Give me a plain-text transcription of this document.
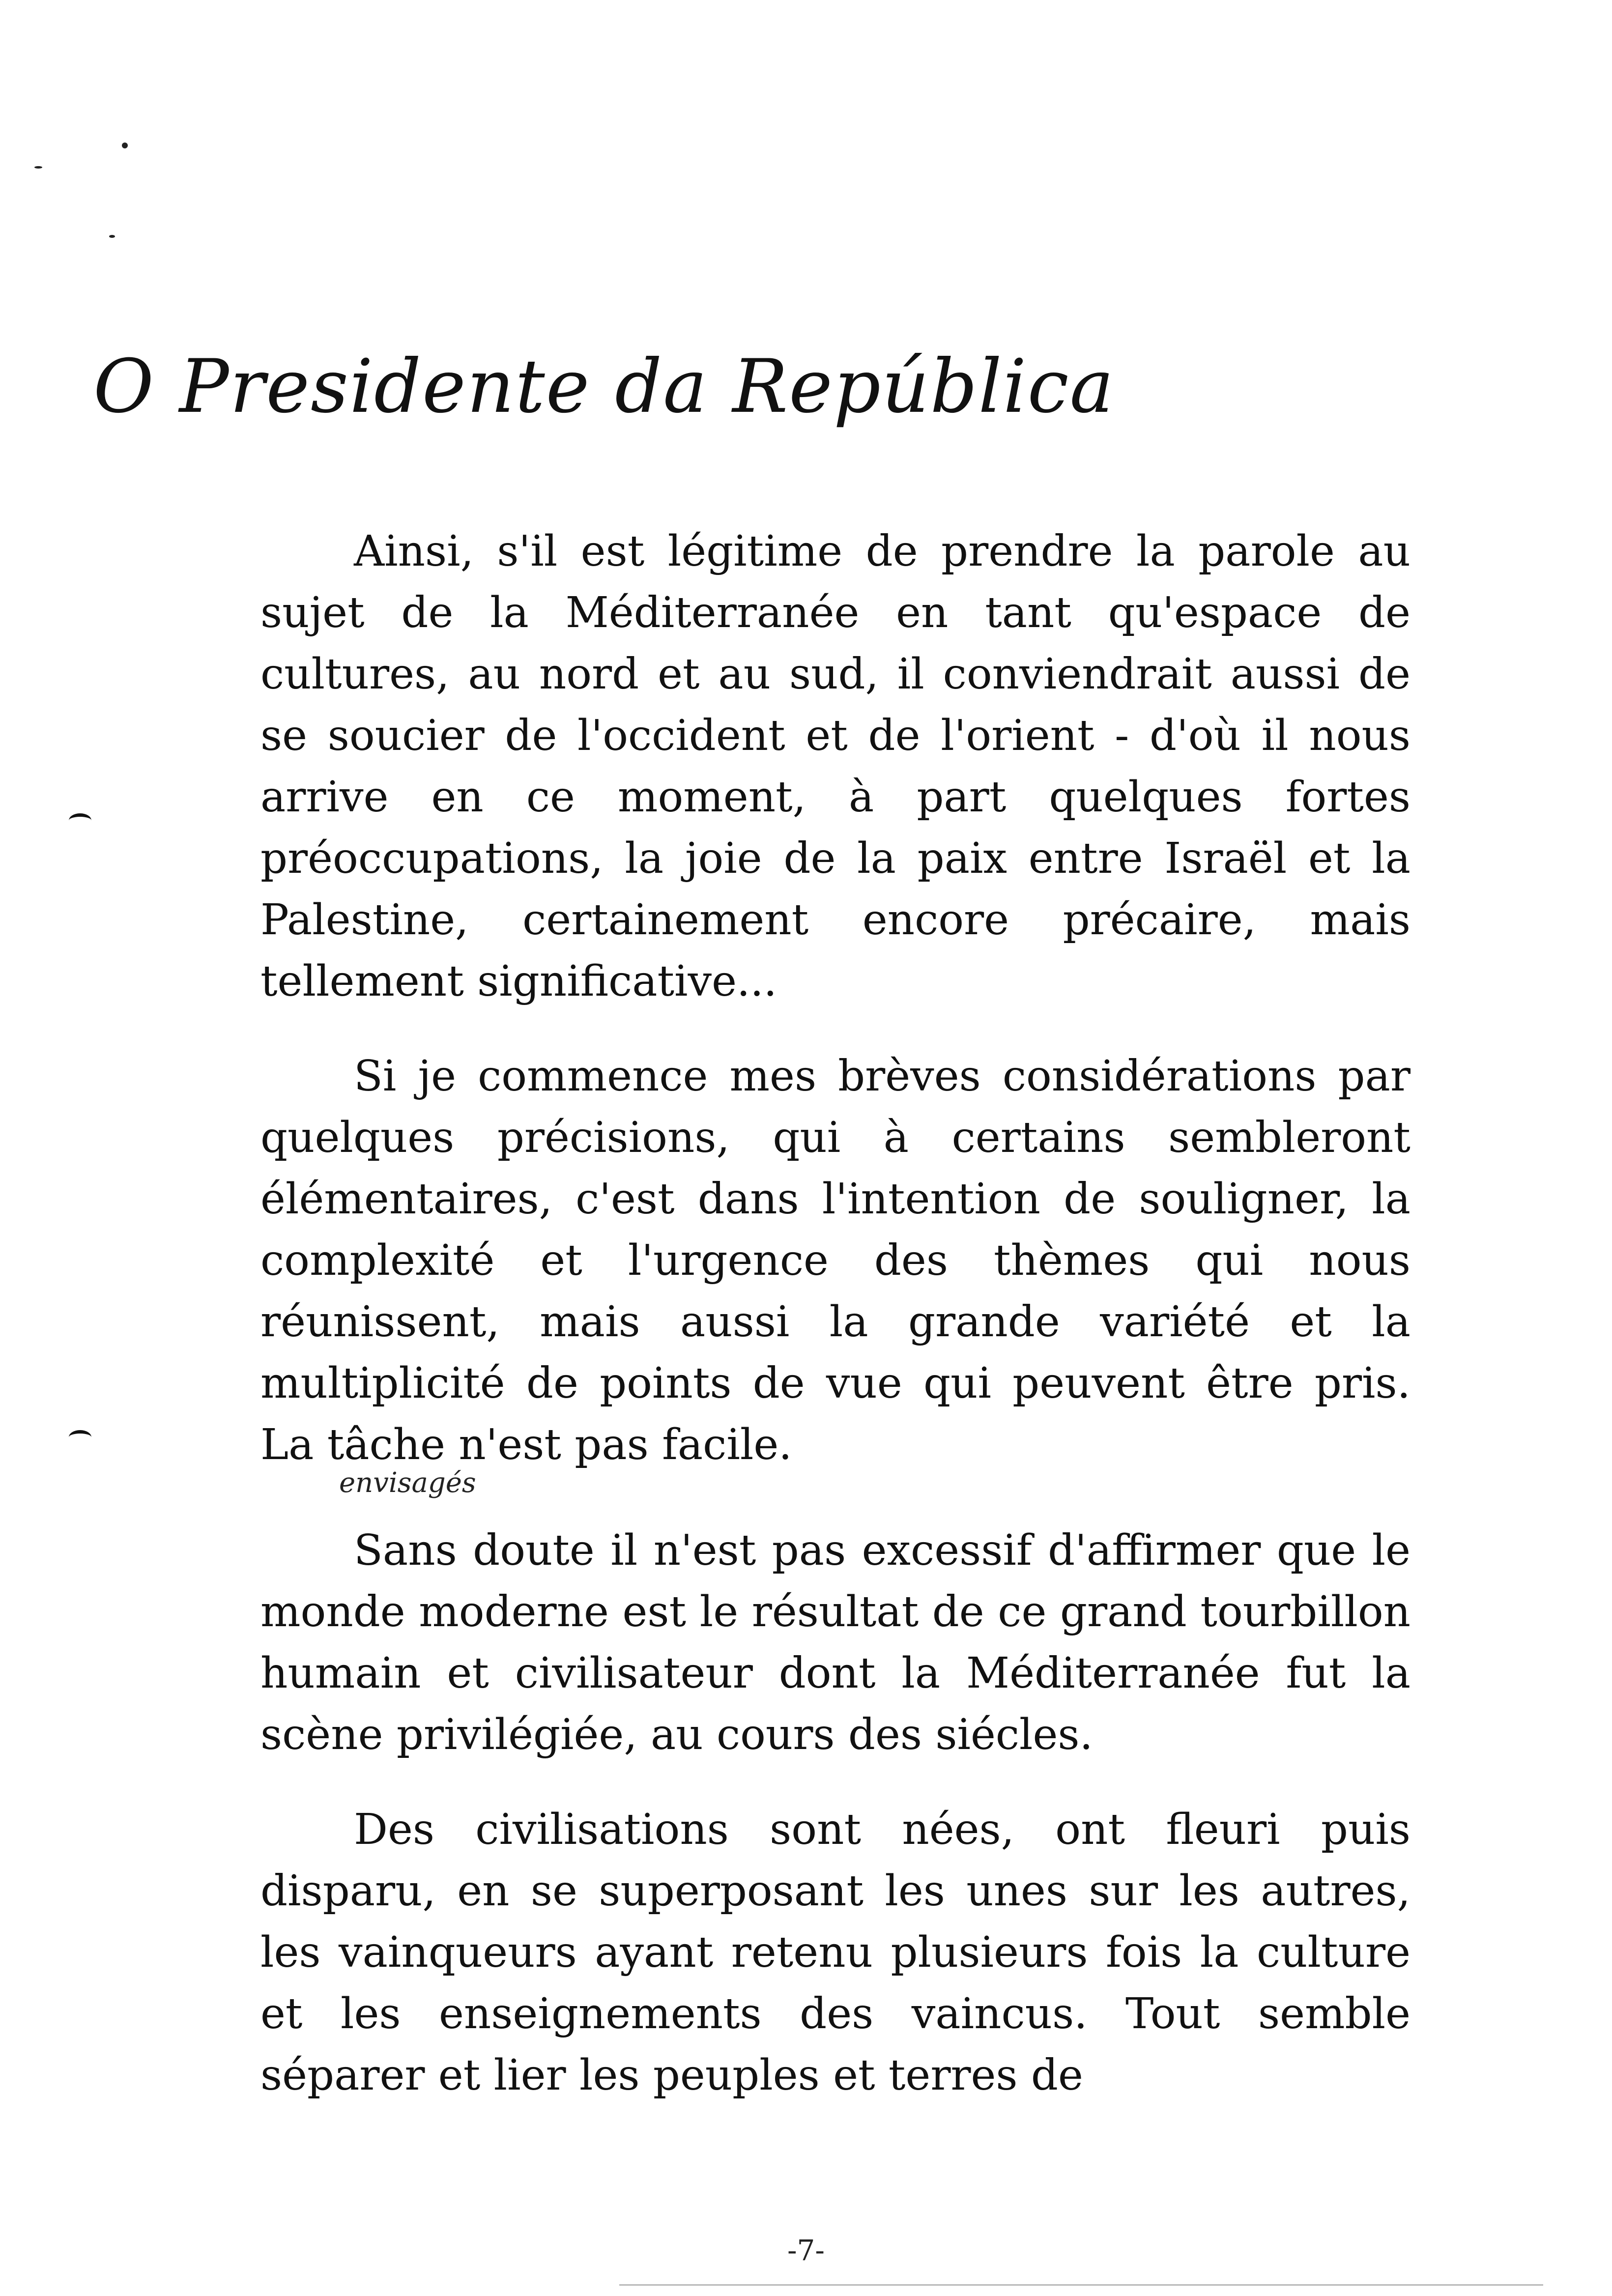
O Presidente da República

Ainsi, s'il est légitime de prendre la parole au sujet de la Méditerranée en tant qu'espace de cultures, au nord et au sud, il conviendrait aussi de se soucier de l'occident et de l'orient - d'où il nous arrive en ce moment, à part quelques fortes préoccupations, la joie de la paix entre Israël et la Palestine, certainement encore précaire, mais tellement significative...

Si je commence mes brèves considérations par quelques précisions, qui à certains sembleront élémentaires, c'est dans l'intention de souligner, la complexité et l'urgence des thèmes qui nous réunissent, mais aussi la grande variété et la multiplicité de points de vue qui peuvent être pris. La tâche n'est pas facile.

envisagés

Sans doute il n'est pas excessif d'affirmer que le monde moderne est le résultat de ce grand tourbillon humain et civilisateur dont la Méditerranée fut la scène privilégiée, au cours des siécles.

Des civilisations sont nées, ont fleuri puis disparu, en se superposant les unes sur les autres, les vainqueurs ayant retenu plusieurs fois la culture et les enseignements des vaincus. Tout semble séparer et lier les peuples et terres de

-7-
